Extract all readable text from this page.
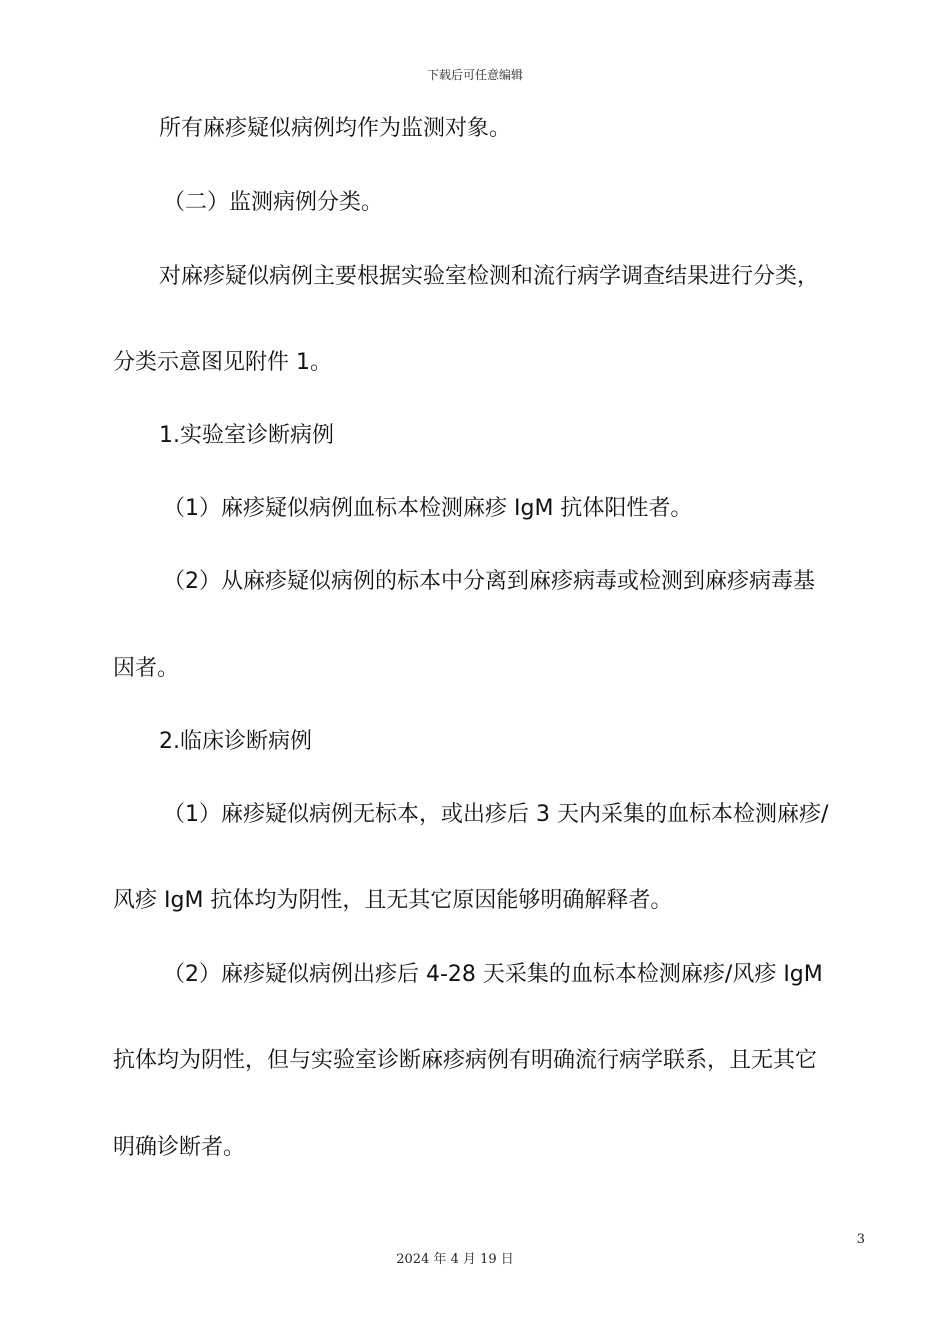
下载后可任意编辑
所有麻疹疑似病例均作为监测对象。
（二）监测病例分类。
对麻疹疑似病例主要根据实验室检测和流行病学调查结果进行分类，
分类示意图见附件 1。
1.实验室诊断病例
（1）麻疹疑似病例血标本检测麻疹 IgM 抗体阳性者。
（2）从麻疹疑似病例的标本中分离到麻疹病毒或检测到麻疹病毒基
因者。
2.临床诊断病例
（1）麻疹疑似病例无标本，或出疹后 3 天内采集的血标本检测麻疹/
风疹 IgM 抗体均为阴性，且无其它原因能够明确解释者。
（2）麻疹疑似病例出疹后 4-28 天采集的血标本检测麻疹/风疹 IgM
抗体均为阴性，但与实验室诊断麻疹病例有明确流行病学联系，且无其它
明确诊断者。
3
2024 年 4 月 19 日
